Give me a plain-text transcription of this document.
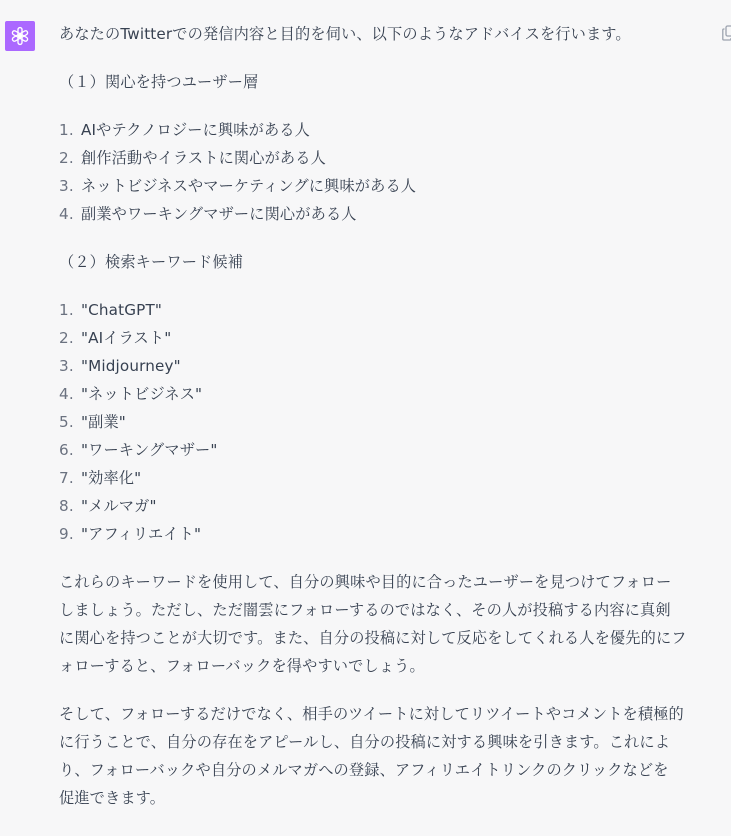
あなたのTwitterでの発信内容と目的を伺い、以下のようなアドバイスを行います。

（１）関心を持つユーザー層

1. AIやテクノロジーに興味がある人
2. 創作活動やイラストに関心がある人
3. ネットビジネスやマーケティングに興味がある人
4. 副業やワーキングマザーに関心がある人

（２）検索キーワード候補

1. "ChatGPT"
2. "AIイラスト"
3. "Midjourney"
4. "ネットビジネス"
5. "副業"
6. "ワーキングマザー"
7. "効率化"
8. "メルマガ"
9. "アフィリエイト"

これらのキーワードを使用して、自分の興味や目的に合ったユーザーを見つけてフォロー
しましょう。ただし、ただ闇雲にフォローするのではなく、その人が投稿する内容に真剣
に関心を持つことが大切です。また、自分の投稿に対して反応をしてくれる人を優先的にフ
ォローすると、フォローバックを得やすいでしょう。

そして、フォローするだけでなく、相手のツイートに対してリツイートやコメントを積極的
に行うことで、自分の存在をアピールし、自分の投稿に対する興味を引きます。これによ
り、フォローバックや自分のメルマガへの登録、アフィリエイトリンクのクリックなどを
促進できます。
